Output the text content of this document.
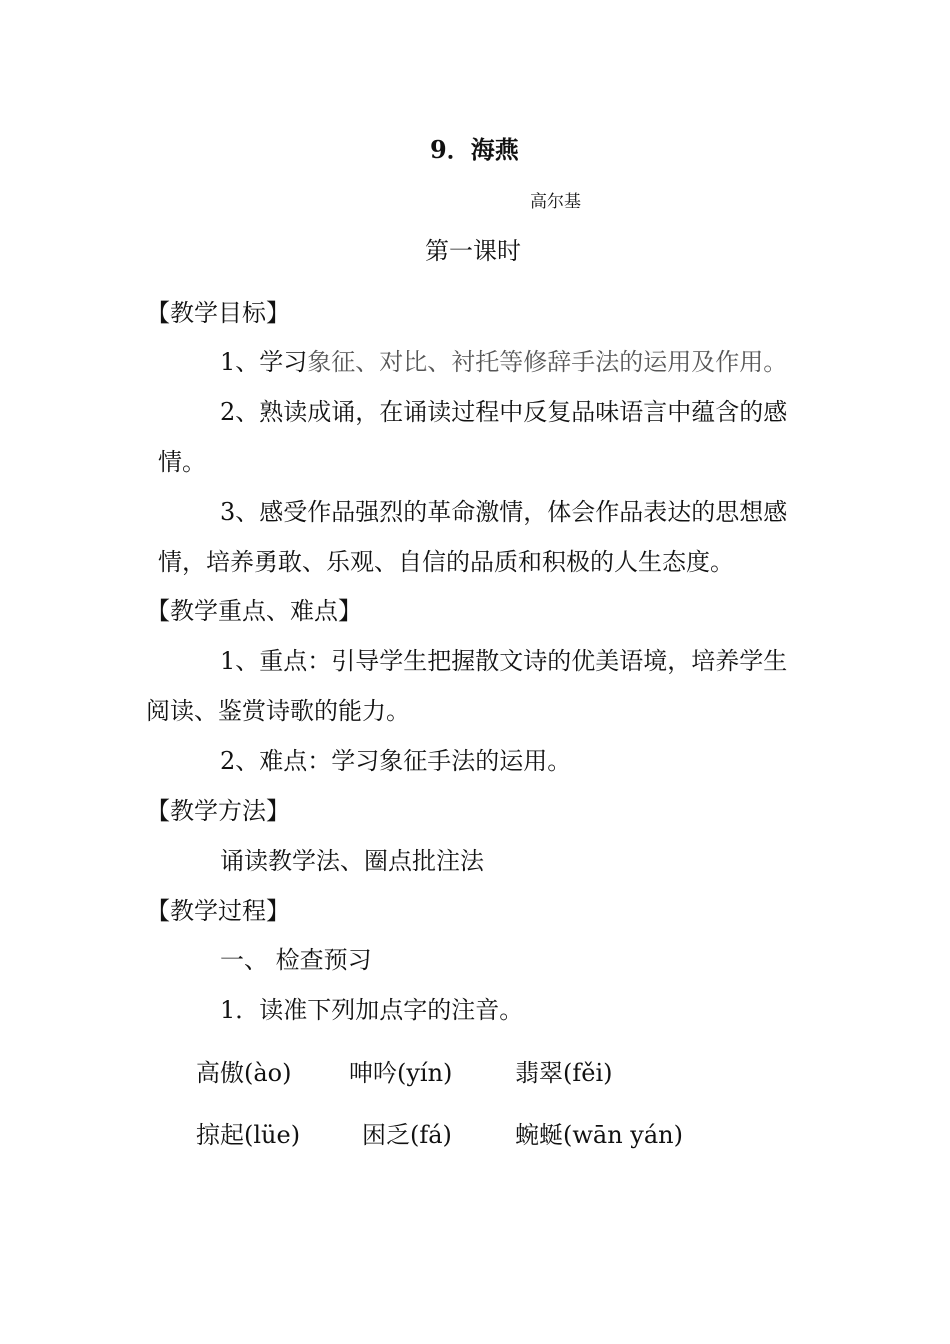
9．海燕
高尔基
第一课时
【教学目标】
1、学习象征、对比、衬托等修辞手法的运用及作用。
2、熟读成诵，在诵读过程中反复品味语言中蕴含的感
情。
3、感受作品强烈的革命激情，体会作品表达的思想感
情，培养勇敢、乐观、自信的品质和积极的人生态度。
【教学重点、难点】
1、重点：引导学生把握散文诗的优美语境，培养学生
阅读、鉴赏诗歌的能力。
2、难点：学习象征手法的运用。
【教学方法】
诵读教学法、圈点批注法
【教学过程】
一、 检查预习
1．读准下列加点字的注音。
高傲(ào) 呻吟(yín)	翡翠(fěi)
掠起(lüe)	困乏(fá)	蜿蜒(wān yán)
